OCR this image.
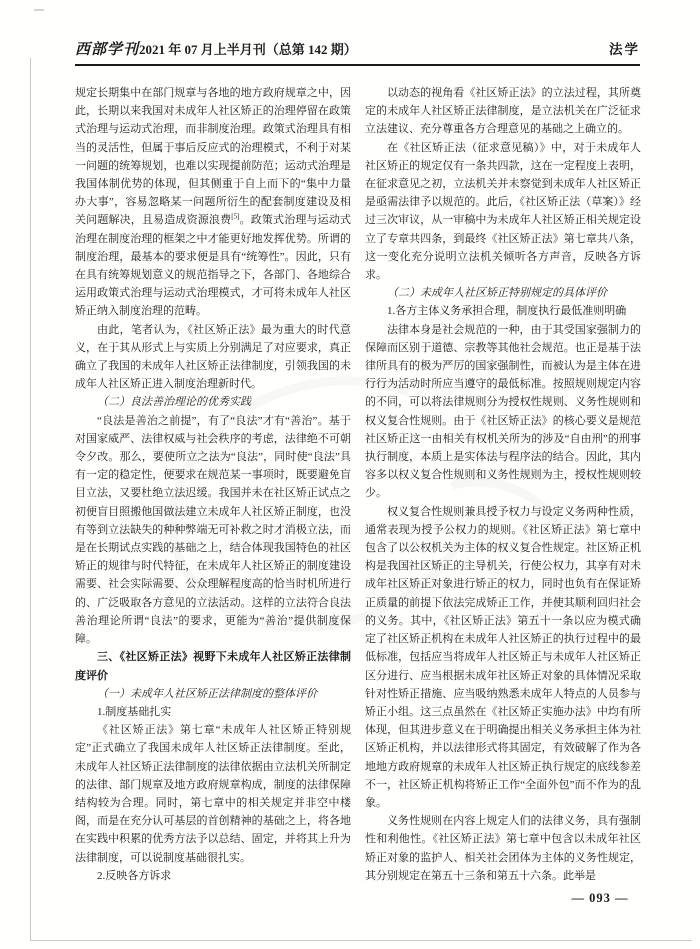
西部学刊2021 年 07 月上半月刊（总第 142 期）	法学

规定长期集中在部门规章与各地的地方政府规章之中，因此，长期以来我国对未成年人社区矫正的治理停留在政策式治理与运动式治理，而非制度治理。政策式治理具有相当的灵活性，但属于事后反应式的治理模式，不利于对某一问题的统筹规划，也难以实现提前防范；运动式治理是我国体制优势的体现，但其侧重于自上而下的“集中力量办大事”，容易忽略某一问题所衍生的配套制度建设及相关问题解决，且易造成资源浪费[5]。政策式治理与运动式治理在制度治理的框架之中才能更好地发挥优势。所谓的制度治理，最基本的要求便是具有“统筹性”。因此，只有在具有统筹规划意义的规范指导之下，各部门、各地综合运用政策式治理与运动式治理模式，才可将未成年人社区矫正纳入制度治理的范畴。

由此，笔者认为，《社区矫正法》最为重大的时代意义，在于其从形式上与实质上分别满足了对应要求，真正确立了我国的未成年人社区矫正法律制度，引领我国的未成年人社区矫正进入制度治理新时代。

（二）良法善治理论的优秀实践

“良法是善治之前提”，有了“良法”才有“善治”。基于对国家威严、法律权威与社会秩序的考虑，法律绝不可朝令夕改。那么，要使所立之法为“良法”，同时使“良法”具有一定的稳定性，便要求在规范某一事项时，既要避免盲目立法，又要杜绝立法迟缓。我国并未在社区矫正试点之初便盲目照搬他国做法建立未成年人社区矫正制度，也没有等到立法缺失的种种弊端无可补救之时才消极立法，而是在长期试点实践的基础之上，结合体现我国特色的社区矫正的规律与时代特征，在未成年人社区矫正的制度建设需要、社会实际需要、公众理解程度高的恰当时机所进行的、广泛吸取各方意见的立法活动。这样的立法符合良法善治理论所谓“良法”的要求，更能为“善治”提供制度保障。

三、《社区矫正法》视野下未成年人社区矫正法律制度评价

（一）未成年人社区矫正法律制度的整体评价

1.制度基础扎实

《社区矫正法》第七章“未成年人社区矫正特别规定”正式确立了我国未成年人社区矫正法律制度。至此，未成年人社区矫正法律制度的法律依据由立法机关所制定的法律、部门规章及地方政府规章构成，制度的法律保障结构较为合理。同时，第七章中的相关规定并非空中楼阁，而是在充分认可基层的首创精神的基础之上，将各地在实践中积累的优秀方法予以总结、固定，并将其上升为法律制度，可以说制度基础很扎实。

2.反映各方诉求

以动态的视角看《社区矫正法》的立法过程，其所奠定的未成年人社区矫正法律制度，是立法机关在广泛征求立法建议、充分尊重各方合理意见的基础之上确立的。

在《社区矫正法（征求意见稿）》中，对于未成年人社区矫正的规定仅有一条共四款，这在一定程度上表明，在征求意见之初，立法机关并未察觉到未成年人社区矫正是亟需法律予以规范的。此后，《社区矫正法（草案）》经过三次审议，从一审稿中为未成年人社区矫正相关规定设立了专章共四条，到最终《社区矫正法》第七章共八条，这一变化充分说明立法机关倾听各方声音，反映各方诉求。

（二）未成年人社区矫正特别规定的具体评价

1.各方主体义务承担合理，制度执行最低准则明确

法律本身是社会规范的一种，由于其受国家强制力的保障而区别于道德、宗教等其他社会规范。也正是基于法律所具有的极为严厉的国家强制性，而被认为是主体在进行行为活动时所应当遵守的最低标准。按照规则规定内容的不同，可以将法律规则分为授权性规则、义务性规则和权义复合性规则。由于《社区矫正法》的核心要义是规范社区矫正这一由相关有权机关所为的涉及“自由刑”的刑事执行制度，本质上是实体法与程序法的结合。因此，其内容多以权义复合性规则和义务性规则为主，授权性规则较少。

权义复合性规则兼具授予权力与设定义务两种性质，通常表现为授予公权力的规则。《社区矫正法》第七章中包含了以公权机关为主体的权义复合性规定。社区矫正机构是我国社区矫正的主导机关，行使公权力，其享有对未成年社区矫正对象进行矫正的权力，同时也负有在保证矫正质量的前提下依法完成矫正工作，并使其顺利回归社会的义务。其中，《社区矫正法》第五十一条以应为模式确定了社区矫正机构在未成年人社区矫正的执行过程中的最低标准，包括应当将成年人社区矫正与未成年人社区矫正区分进行、应当根据未成年社区矫正对象的具体情况采取针对性矫正措施、应当吸纳熟悉未成年人特点的人员参与矫正小组。这三点虽然在《社区矫正实施办法》中均有所体现，但其进步意义在于明确提出相关义务承担主体为社区矫正机构，并以法律形式将其固定，有效破解了作为各地地方政府规章的未成年人社区矫正执行规定的底线参差不一，社区矫正机构将矫正工作“全面外包”而不作为的乱象。

义务性规则在内容上规定人们的法律义务，具有强制性和利他性。《社区矫正法》第七章中包含以未成年社区矫正对象的监护人、相关社会团体为主体的义务性规定，其分别规定在第五十三条和第五十六条。此举是

— 093 —
